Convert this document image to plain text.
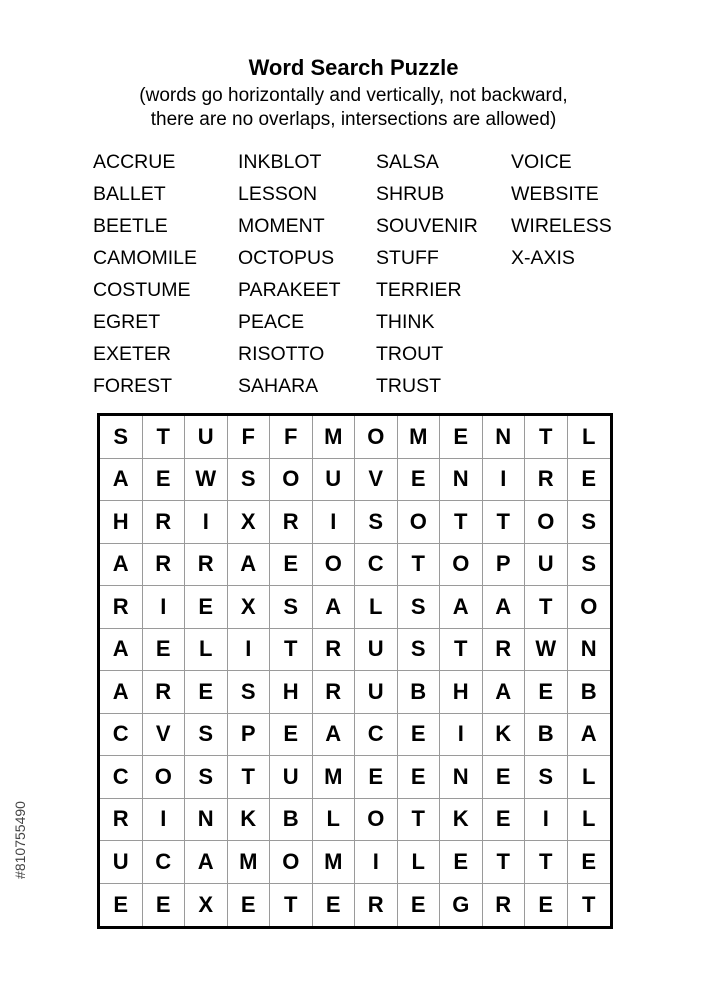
Word Search Puzzle
(words go horizontally and vertically, not backward,
there are no overlaps, intersections are allowed)
ACCRUE
BALLET
BEETLE
CAMOMILE
COSTUME
EGRET
EXETER
FOREST
INKBLOT
LESSON
MOMENT
OCTOPUS
PARAKEET
PEACE
RISOTTO
SAHARA
SALSA
SHRUB
SOUVENIR
STUFF
TERRIER
THINK
TROUT
TRUST
VOICE
WEBSITE
WIRELESS
X-AXIS
S	T	U	F	F	M	O	M	E	N	T	L
A	E	W	S	O	U	V	E	N	I	R	E
H	R	I	X	R	I	S	O	T	T	O	S
A	R	R	A	E	O	C	T	O	P	U	S
R	I	E	X	S	A	L	S	A	A	T	O
A	E	L	I	T	R	U	S	T	R	W	N
A	R	E	S	H	R	U	B	H	A	E	B
C	V	S	P	E	A	C	E	I	K	B	A
C	O	S	T	U	M	E	E	N	E	S	L
R	I	N	K	B	L	O	T	K	E	I	L
U	C	A	M	O	M	I	L	E	T	T	E
E	E	X	E	T	E	R	E	G	R	E	T
#810755490
